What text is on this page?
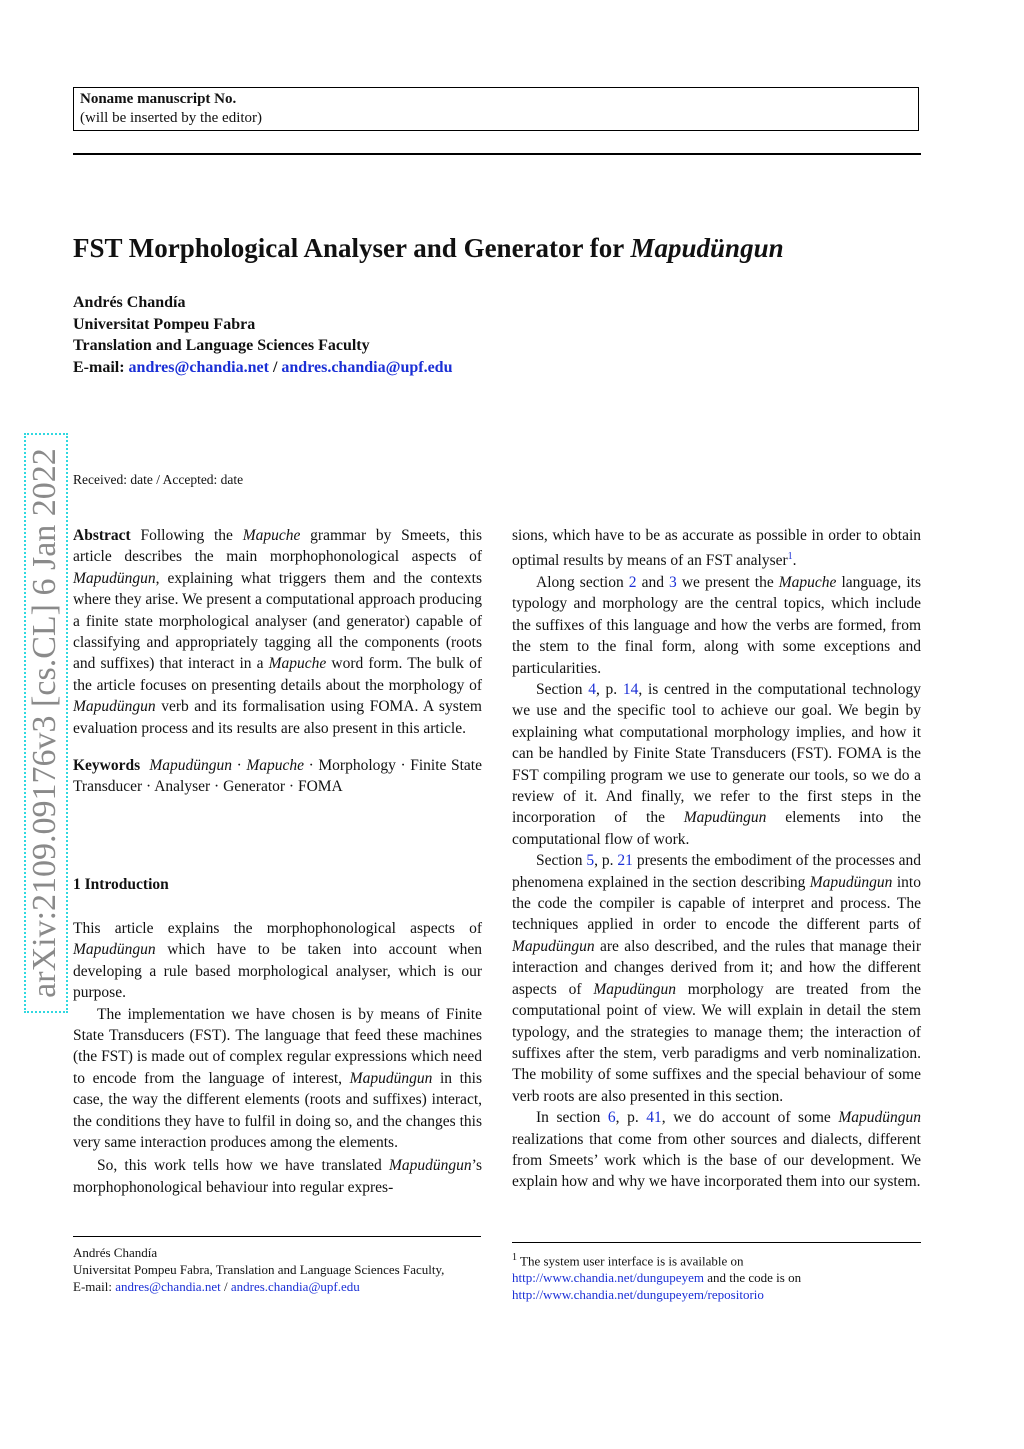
Noname manuscript No.
(will be inserted by the editor)
FST Morphological Analyser and Generator for Mapudüngun
Andrés Chandía
Universitat Pompeu Fabra
Translation and Language Sciences Faculty
E-mail: andres@chandia.net / andres.chandia@upf.edu
arXiv:2109.09176v3 [cs.CL] 6 Jan 2022 Received: date / Accepted: date

Abstract Following the Mapuche grammar by Smeets, this article describes the main morphophonological aspects of Mapudüngun, explaining what triggers them and the contexts where they arise. We present a computational approach producing a finite state morphological analyser (and generator) capable of classifying and appropriately tagging all the components (roots and suffixes) that interact in a Mapuche word form. The bulk of the article focuses on presenting details about the morphology of Mapudüngun verb and its formalisation using FOMA. A system evaluation process and its results are also present in this article.

Keywords Mapudüngun · Mapuche · Morphology · Finite State Transducer · Analyser · Generator · FOMA

1 Introduction

This article explains the morphophonological aspects of Mapudüngun which have to be taken into account when developing a rule based morphological analyser, which is our purpose.

The implementation we have chosen is by means of Finite State Transducers (FST). The language that feed these machines (the FST) is made out of complex regular expressions which need to encode from the language of interest, Mapudüngun in this case, the way the different elements (roots and suffixes) interact, the conditions they have to fulfil in doing so, and the changes this very same interaction produces among the elements.

So, this work tells how we have translated Mapudüngun’s morphophonological behaviour into regular expres-

sions, which have to be as accurate as possible in order to obtain optimal results by means of an FST analyser$^1$.

Along section 2 and 3 we present the Mapuche language, its typology and morphology are the central topics, which include the suffixes of this language and how the verbs are formed, from the stem to the final form, along with some exceptions and particularities.

Section 4, p. 14, is centred in the computational technology we use and the specific tool to achieve our goal. We begin by explaining what computational morphology implies, and how it can be handled by Finite State Transducers (FST). FOMA is the FST compiling program we use to generate our tools, so we do a review of it. And finally, we refer to the first steps in the incorporation of the Mapudüngun elements into the computational flow of work.

Section 5, p. 21 presents the embodiment of the processes and phenomena explained in the section describing Mapudüngun into the code the compiler is capable of interpret and process. The techniques applied in order to encode the different parts of Mapudüngun are also described, and the rules that manage their interaction and changes derived from it; and how the different aspects of Mapudüngun morphology are treated from the computational point of view. We will explain in detail the stem typology, and the strategies to manage them; the interaction of suffixes after the stem, verb paradigms and verb nominalization. The mobility of some suffixes and the special behaviour of some verb roots are also presented in this section.

In section 6, p. 41, we do account of some Mapudüngun realizations that come from other sources and dialects, different from Smeets’ work which is the base of our development. We explain how and why we have incorporated them into our system.

Andrés Chandía
Universitat Pompeu Fabra, Translation and Language Sciences Faculty,
E-mail: andres@chandia.net / andres.chandia@upf.edu
$^1$ The system user interface is is available on
http://www.chandia.net/dungupeyem and the code is on
http://www.chandia.net/dungupeyem/repositorio
